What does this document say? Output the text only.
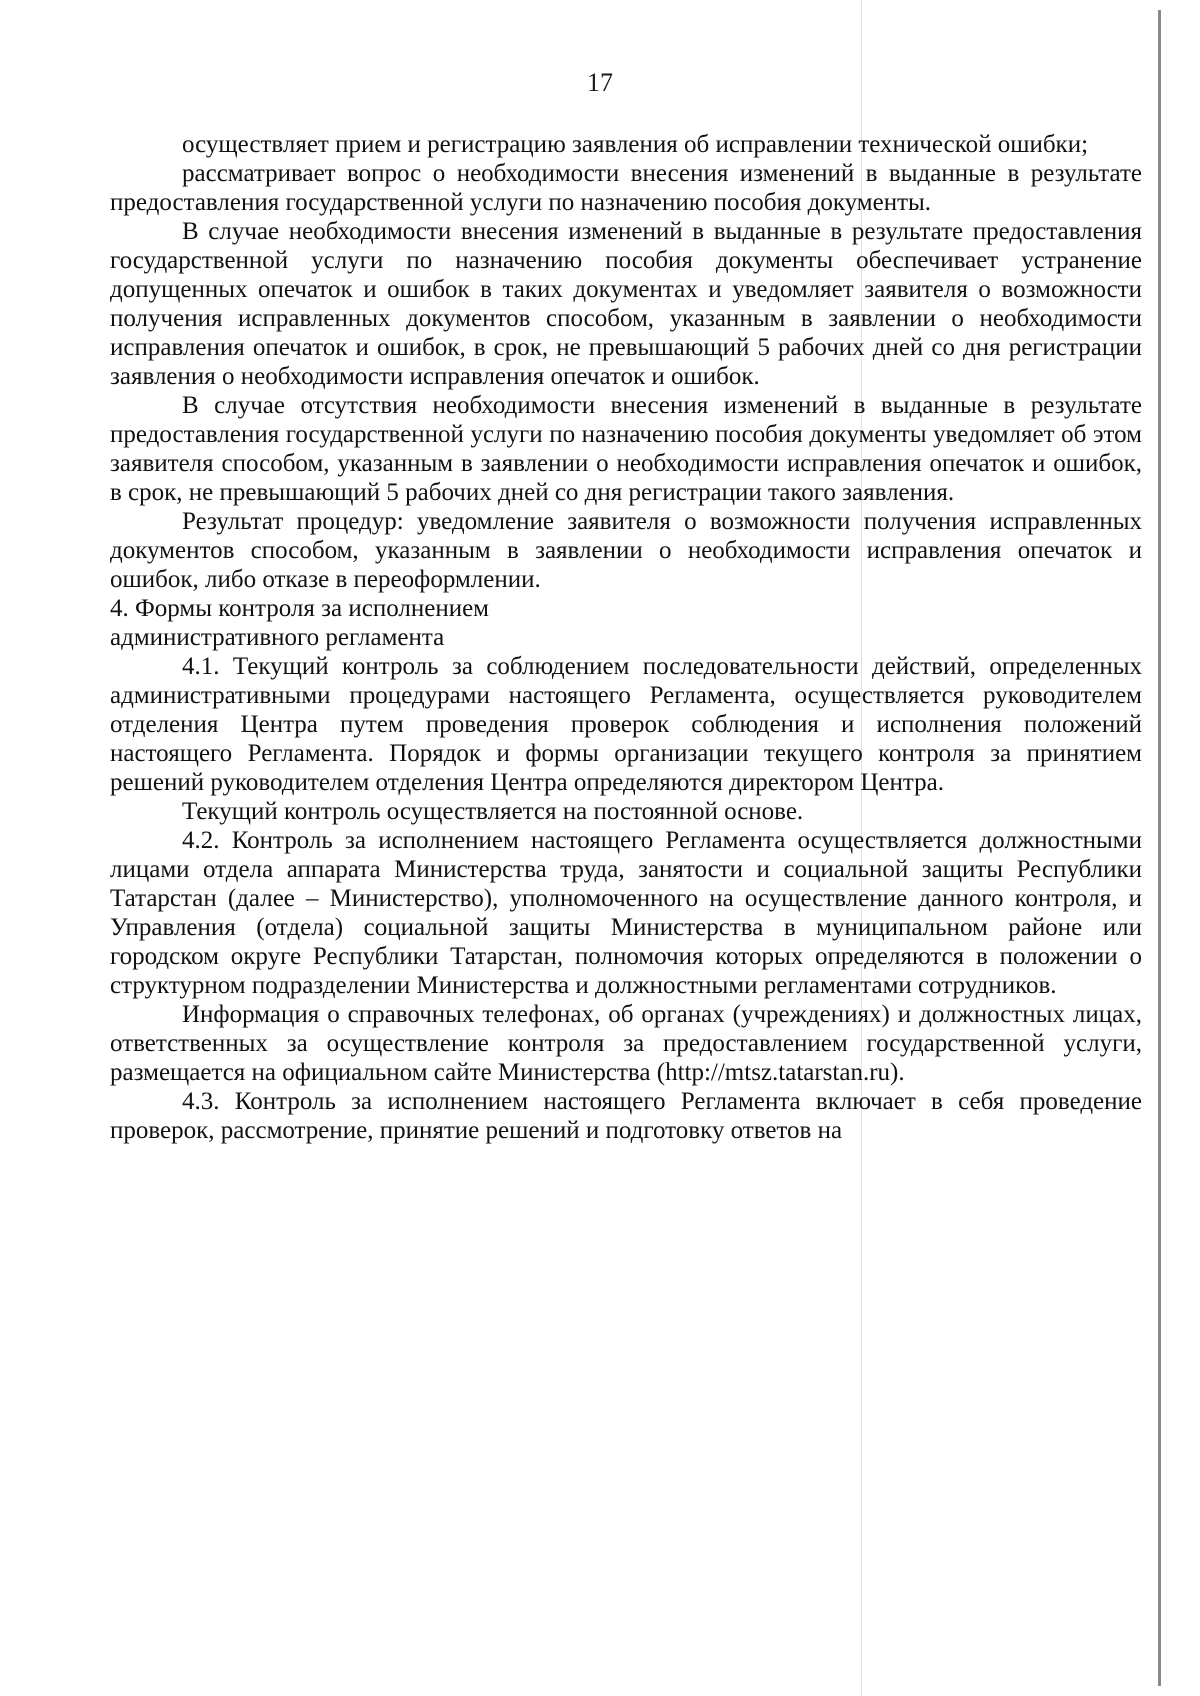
17

осуществляет прием и регистрацию заявления об исправлении технической ошибки;

рассматривает вопрос о необходимости внесения изменений в выданные в результате предоставления государственной услуги по назначению пособия документы.

В случае необходимости внесения изменений в выданные в результате предоставления государственной услуги по назначению пособия документы обеспечивает устранение допущенных опечаток и ошибок в таких документах и уведомляет заявителя о возможности получения исправленных документов способом, указанным в заявлении о необходимости исправления опечаток и ошибок, в срок, не превышающий 5 рабочих дней со дня регистрации заявления о необходимости исправления опечаток и ошибок.

В случае отсутствия необходимости внесения изменений в выданные в результате предоставления государственной услуги по назначению пособия документы уведомляет об этом заявителя способом, указанным в заявлении о необходимости исправления опечаток и ошибок, в срок, не превышающий 5 рабочих дней со дня регистрации такого заявления.

Результат процедур: уведомление заявителя о возможности получения исправленных документов способом, указанным в заявлении о необходимости исправления опечаток и ошибок, либо отказе в переоформлении.

4. Формы контроля за исполнением
административного регламента

4.1. Текущий контроль за соблюдением последовательности действий, определенных административными процедурами настоящего Регламента, осуществляется руководителем отделения Центра путем проведения проверок соблюдения и исполнения положений настоящего Регламента. Порядок и формы организации текущего контроля за принятием решений руководителем отделения Центра определяются директором Центра.

Текущий контроль осуществляется на постоянной основе.

4.2. Контроль за исполнением настоящего Регламента осуществляется должностными лицами отдела аппарата Министерства труда, занятости и социальной защиты Республики Татарстан (далее – Министерство), уполномоченного на осуществление данного контроля, и Управления (отдела) социальной защиты Министерства в муниципальном районе или городском округе Республики Татарстан, полномочия которых определяются в положении о структурном подразделении Министерства и должностными регламентами сотрудников.

Информация о справочных телефонах, об органах (учреждениях) и должностных лицах, ответственных за осуществление контроля за предоставлением государственной услуги, размещается на официальном сайте Министерства (http://mtsz.tatarstan.ru).

4.3. Контроль за исполнением настоящего Регламента включает в себя проведение проверок, рассмотрение, принятие решений и подготовку ответов на
